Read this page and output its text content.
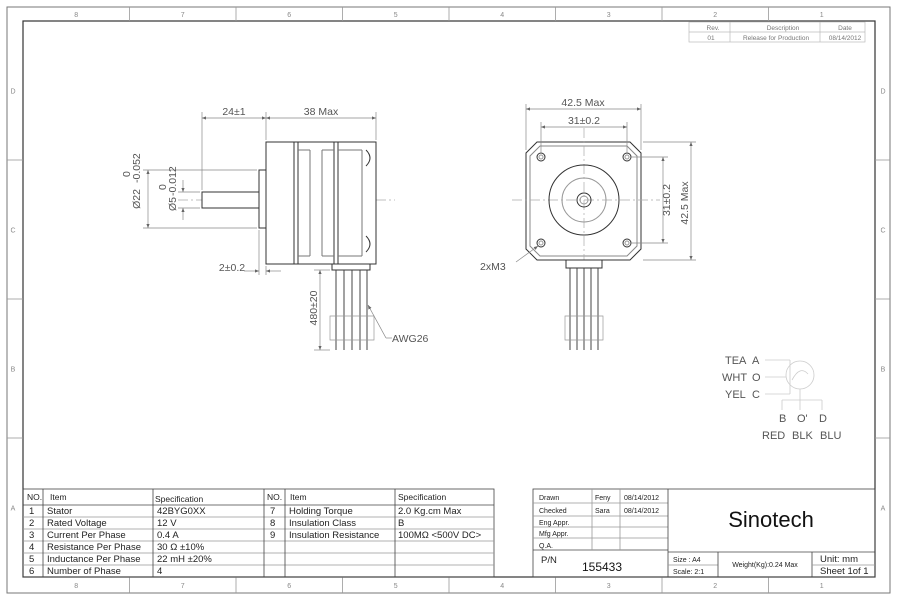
8
8
7
7
6
6
5
5
4
4
3
3
2
2
1
1
D	D
C	C
B	B
A	A
Rev.	Description	Date
01	Release for Production	08/14/2012
24±1	38 Max
Ø22
0
-0.052
Ø5
0
-0.012
2±0.2
480±20
AWG26
42.5 Max
31±0.2
31±0.2 42.5 Max
2xM3
TEA A
WHT O
YEL C
B O' D
RED BLK BLU
NO. Item	Specification	NO. Item	Specification
1 Stator	42BYG0XX
2 Rated Voltage	12 V
3 Current Per Phase	0.4 A
4 Resistance Per Phase 30 Ω ±10%
5 Inductance Per Phase 22 mH ±20%
6 Number of Phase	4
7 Holding Torque	2.0 Kg.cm Max
8 Insulation Class	B
9 Insulation Resistance 100MΩ <500V DC>
Drawn	Feny 08/14/2012
Checked	Sara 08/14/2012
Eng Appr.
Mfg Appr.
Q.A.
Sinotech
P/N 155433	Size : A4
Scale: 2:1
Weight(Kg):0.24 Max
Unit: mm
Sheet 1of 1
